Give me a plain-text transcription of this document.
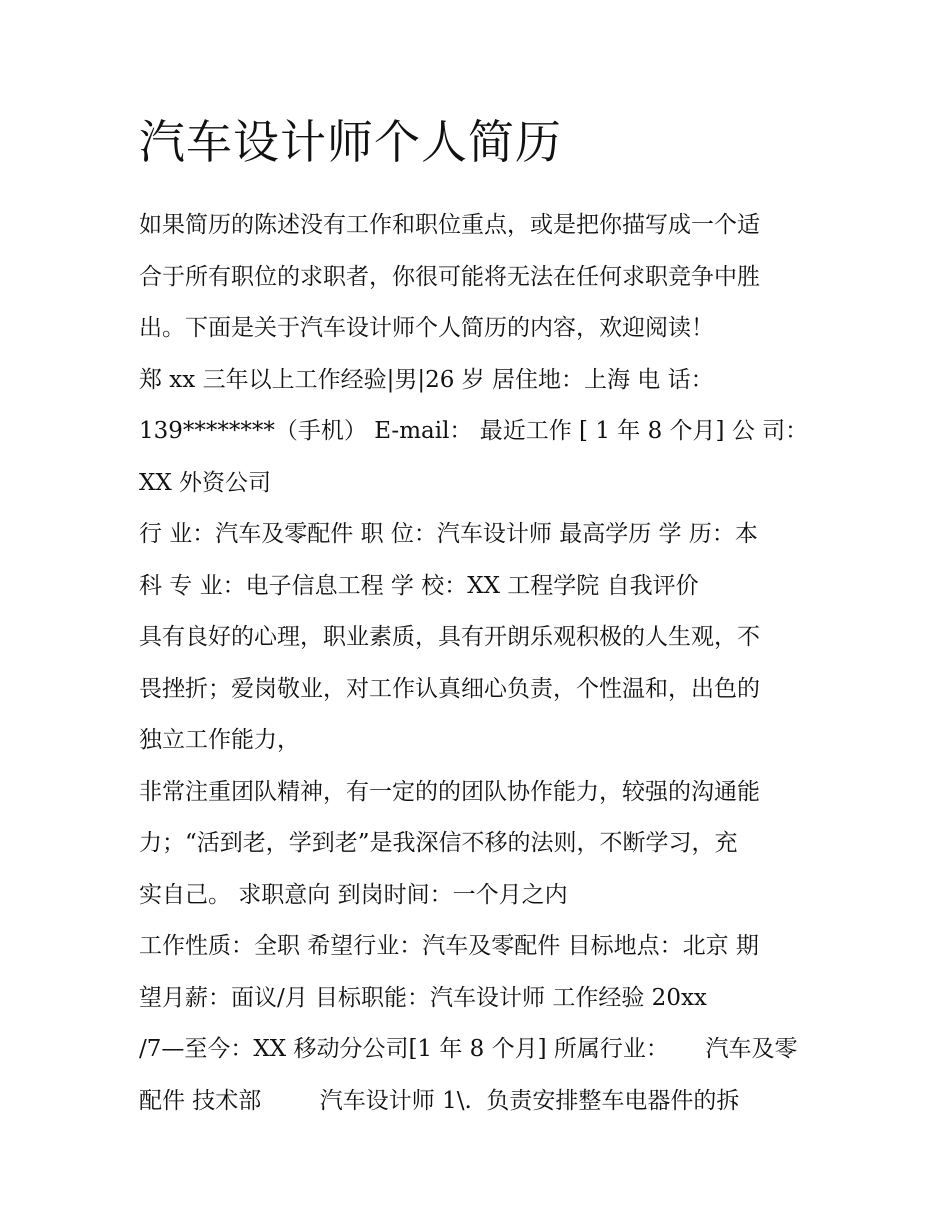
汽车设计师个人简历

如果简历的陈述没有工作和职位重点，或是把你描写成一个适

合于所有职位的求职者，你很可能将无法在任何求职竞争中胜

出。下面是关于汽车设计师个人简历的内容，欢迎阅读！

郑 xx 三年以上工作经验|男|26 岁 居住地：上海 电 话：

139********（手机） E-mail： 最近工作 [ 1 年 8 个月] 公 司：

XX 外资公司

行 业：汽车及零配件 职 位：汽车设计师 最高学历 学 历：本

科 专 业：电子信息工程 学 校：XX 工程学院 自我评价

具有良好的心理，职业素质，具有开朗乐观积极的人生观，不

畏挫折；爱岗敬业，对工作认真细心负责，个性温和，出色的

独立工作能力，

非常注重团队精神，有一定的的团队协作能力，较强的沟通能

力；“活到老，学到老”是我深信不移的法则，不断学习，充

实自己。 求职意向 到岗时间：一个月之内

工作性质：全职 希望行业：汽车及零配件 目标地点：北京 期

望月薪：面议/月 目标职能：汽车设计师 工作经验 20xx

/7—至今：XX 移动分公司[1 年 8 个月] 所属行业：     汽车及零

配件 技术部        汽车设计师 1\.  负责安排整车电器件的拆
